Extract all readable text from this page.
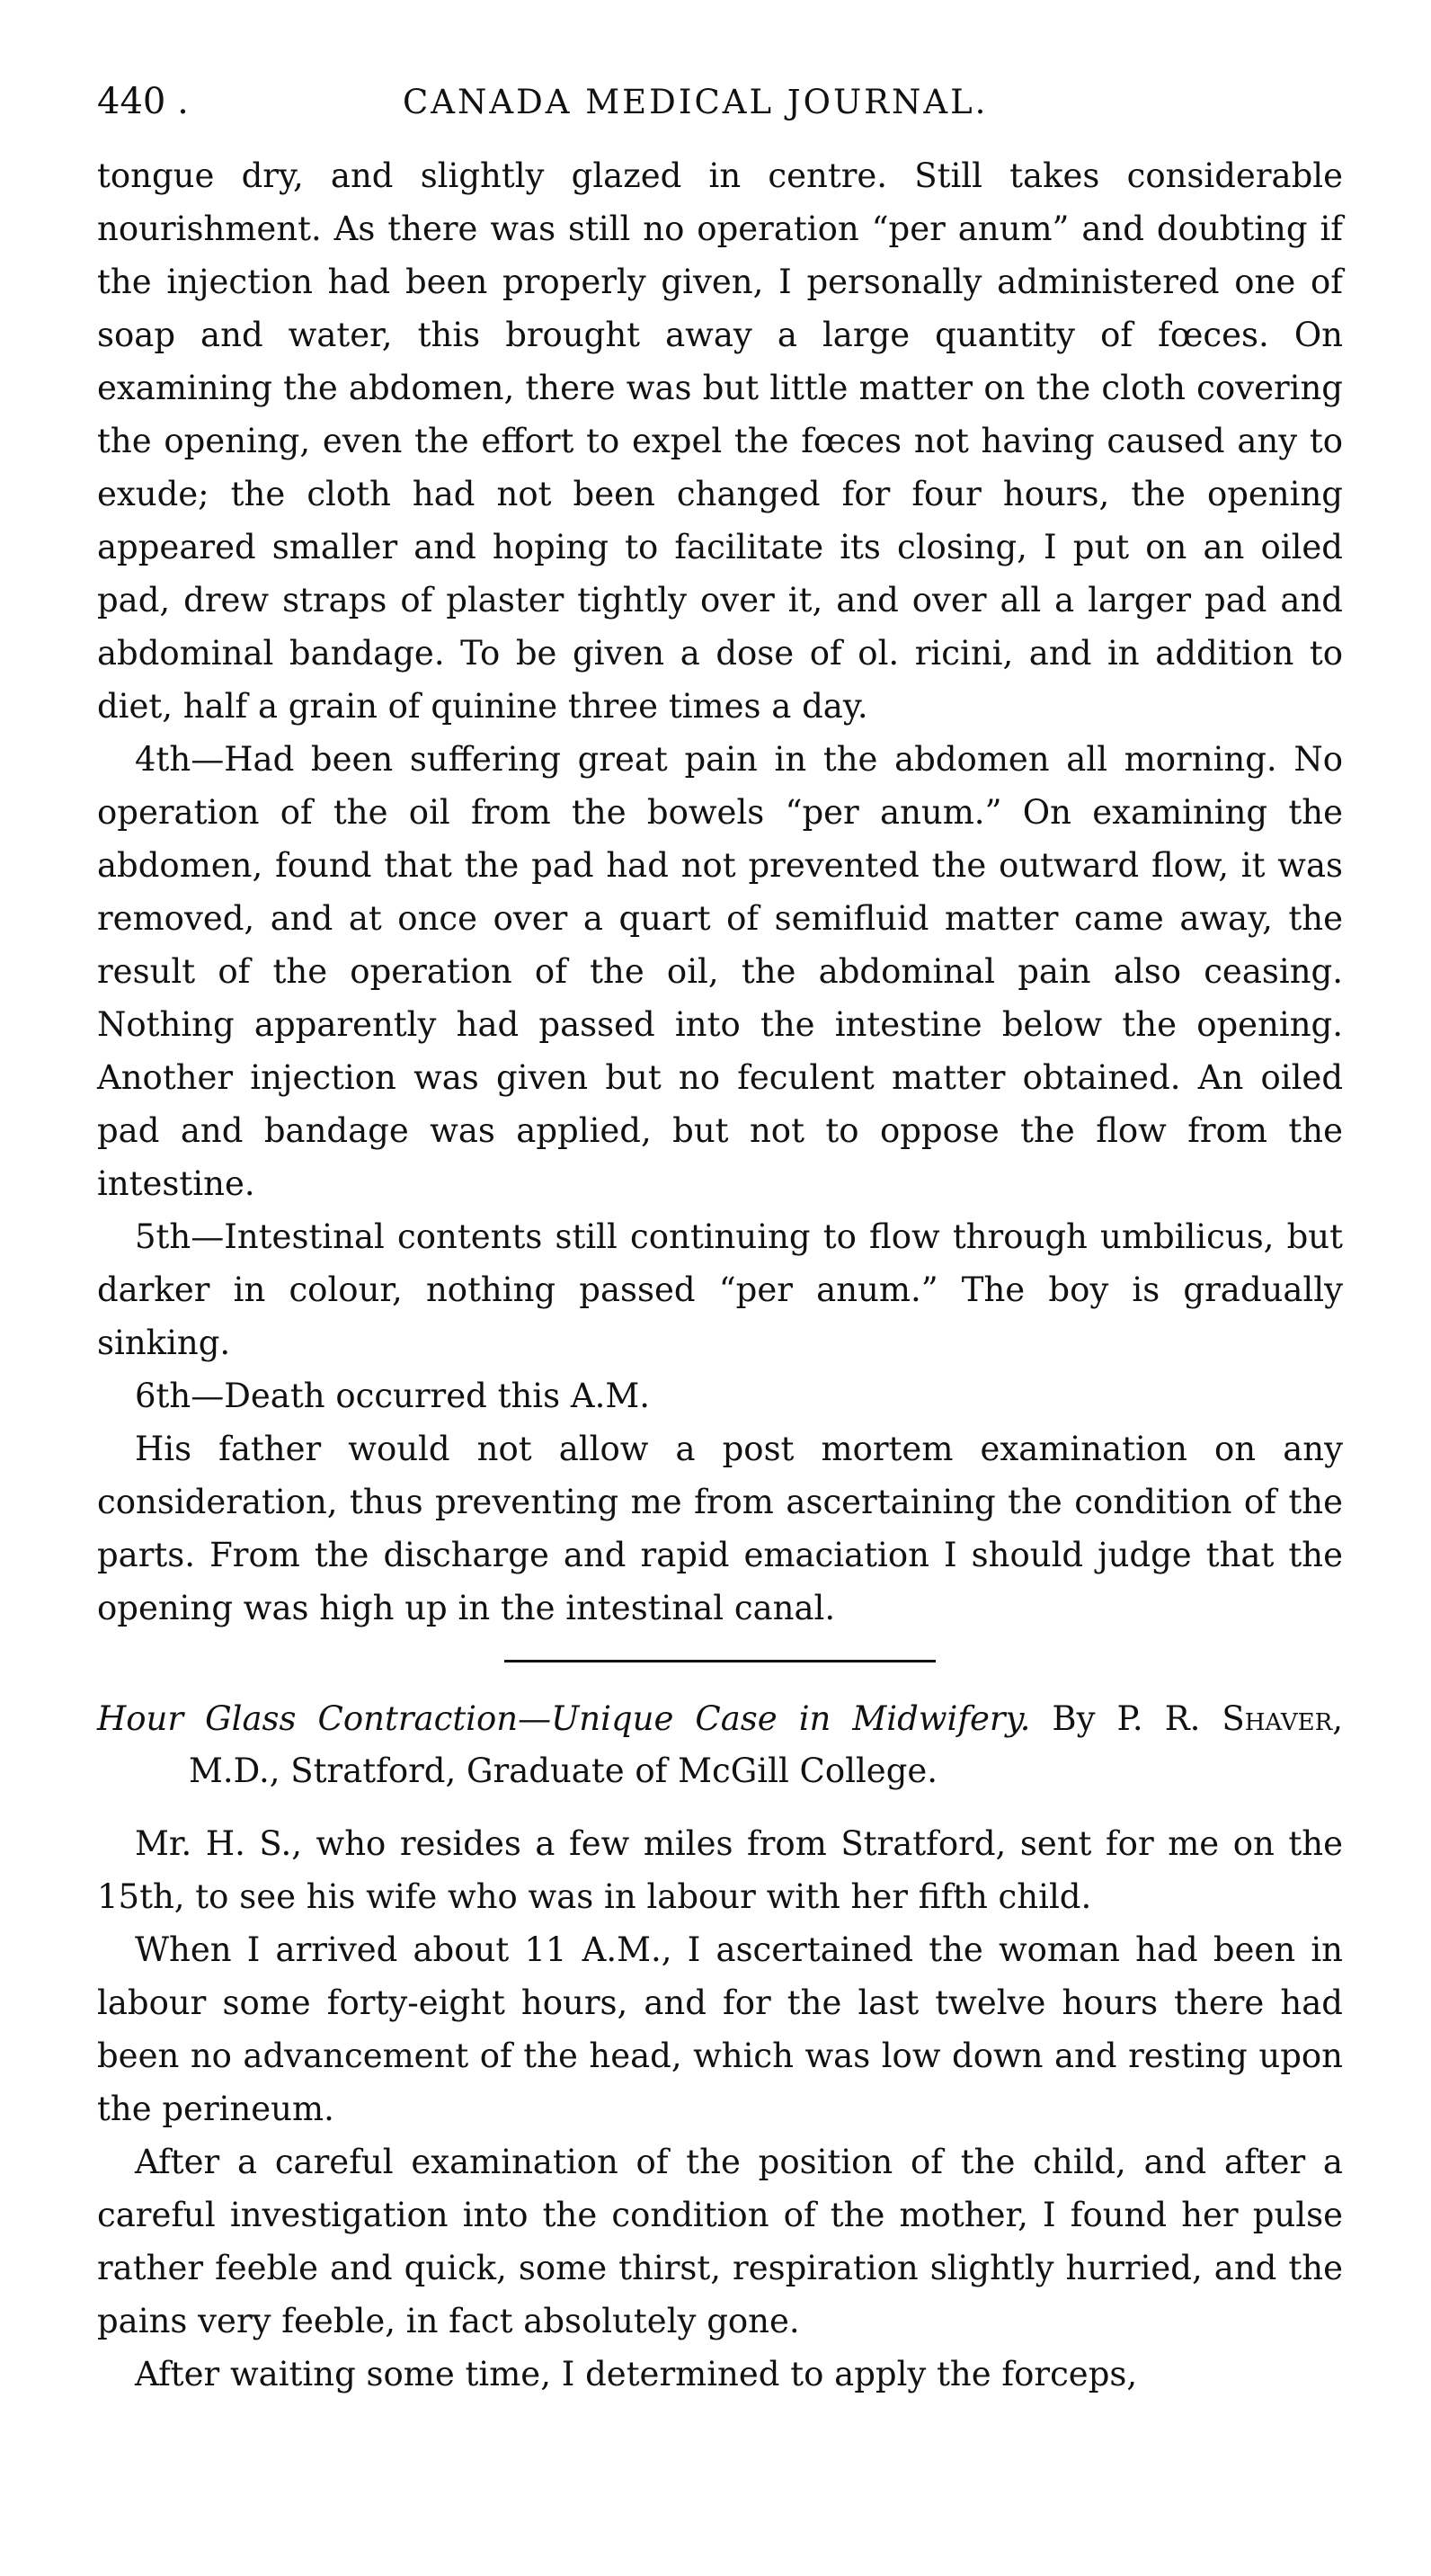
440 .	CANADA MEDICAL JOURNAL.

tongue dry, and slightly glazed in centre. Still takes considerable nourishment. As there was still no operation “per anum” and doubting if the injection had been properly given, I personally administered one of soap and water, this brought away a large quantity of fœces. On examining the abdomen, there was but little matter on the cloth covering the opening, even the effort to expel the fœces not having caused any to exude; the cloth had not been changed for four hours, the opening appeared smaller and hoping to facilitate its closing, I put on an oiled pad, drew straps of plaster tightly over it, and over all a larger pad and abdominal bandage. To be given a dose of ol. ricini, and in addition to diet, half a grain of quinine three times a day.

4th—Had been suffering great pain in the abdomen all morning. No operation of the oil from the bowels “per anum.” On examining the abdomen, found that the pad had not prevented the outward flow, it was removed, and at once over a quart of semifluid matter came away, the result of the operation of the oil, the abdominal pain also ceasing. Nothing apparently had passed into the intestine below the opening. Another injection was given but no feculent matter obtained. An oiled pad and bandage was applied, but not to oppose the flow from the intestine.

5th—Intestinal contents still continuing to flow through umbilicus, but darker in colour, nothing passed “per anum.” The boy is gradually sinking.

6th—Death occurred this A.M.

His father would not allow a post mortem examination on any consideration, thus preventing me from ascertaining the condition of the parts. From the discharge and rapid emaciation I should judge that the opening was high up in the intestinal canal.

Hour Glass Contraction—Unique Case in Midwifery. By P. R. Shaver, M.D., Stratford, Graduate of McGill College.

Mr. H. S., who resides a few miles from Stratford, sent for me on the 15th, to see his wife who was in labour with her fifth child.

When I arrived about 11 A.M., I ascertained the woman had been in labour some forty-eight hours, and for the last twelve hours there had been no advancement of the head, which was low down and resting upon the perineum.

After a careful examination of the position of the child, and after a careful investigation into the condition of the mother, I found her pulse rather feeble and quick, some thirst, respiration slightly hurried, and the pains very feeble, in fact absolutely gone.

After waiting some time, I determined to apply the forceps,
